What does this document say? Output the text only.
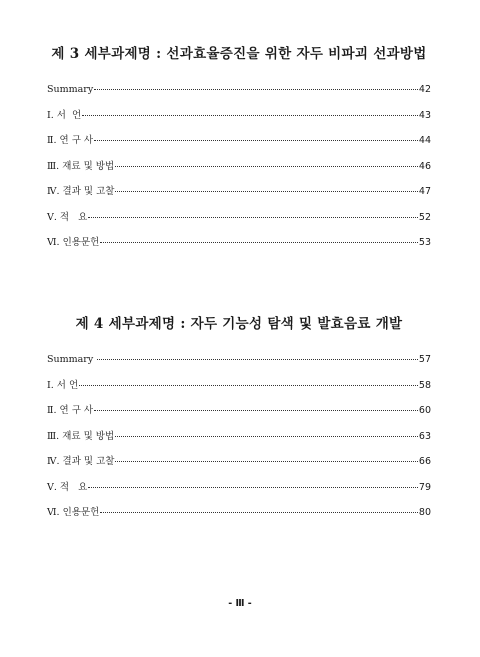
제 3 세부과제명 : 선과효율증진을 위한 자두 비파괴 선과방법
Summary	42
Ⅰ. 서  언	43
Ⅱ. 연 구 사	44
Ⅲ. 재료 및 방법	46
Ⅳ. 결과 및 고찰	47
Ⅴ. 적   요	52
Ⅵ. 인용문헌	53
제 4 세부과제명 : 자두 기능성 탐색 및 발효음료 개발
Summary	57
Ⅰ. 서 언	58
Ⅱ. 연 구 사	60
Ⅲ. 재료 및 방법	63
Ⅳ. 결과 및 고찰	66
Ⅴ. 적   요	79
Ⅵ. 인용문헌	80
- Ⅲ -
